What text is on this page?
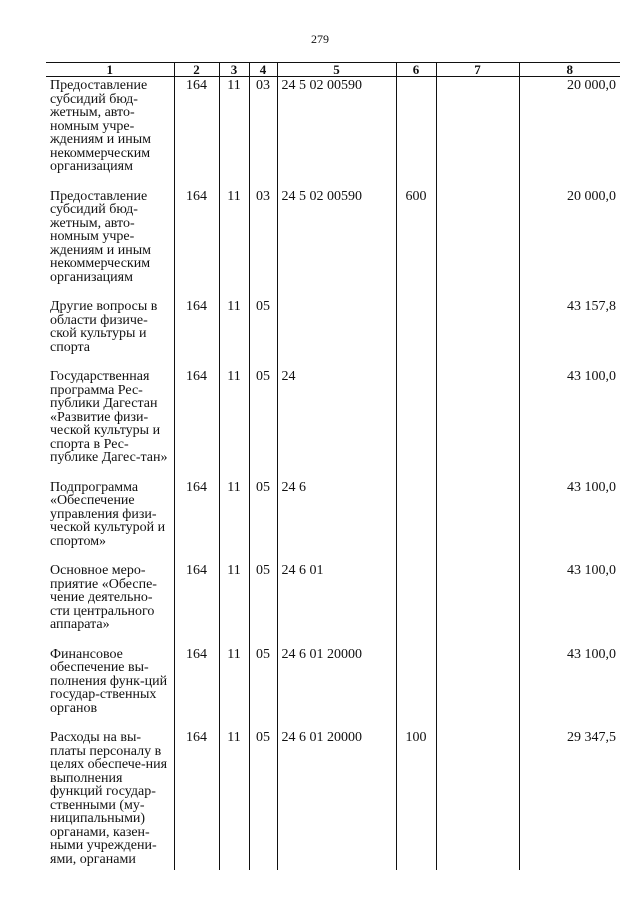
279
1	2	3	4	5	6	7	8
Предоставление субсидий бюд-жетным, авто-номным учре-ждениям и иным некоммерческим организациям	164	11	03	24 5 02 00590			20 000,0
Предоставление субсидий бюд-жетным, авто-номным учре-ждениям и иным некоммерческим организациям	164	11	03	24 5 02 00590	600		20 000,0
Другие вопросы в области физиче-ской культуры и спорта	164	11	05				43 157,8
Государственная программа Рес-публики Дагестан «Развитие физи-ческой культуры и спорта в Рес-публике Дагес-тан»	164	11	05	24			43 100,0
Подпрограмма «Обеспечение управления физи-ческой культурой и спортом»	164	11	05	24 6			43 100,0
Основное меро-приятие «Обеспе-чение деятельно-сти центрального аппарата»	164	11	05	24 6 01			43 100,0
Финансовое обеспечение вы-полнения функ-ций государ-ственных органов	164	11	05	24 6 01 20000			43 100,0
Расходы на вы-платы персоналу в целях обеспече-ния выполнения функций государ-ственными (му-ниципальными) органами, казен-ными учреждени-ями, органами	164	11	05	24 6 01 20000	100		29 347,5
